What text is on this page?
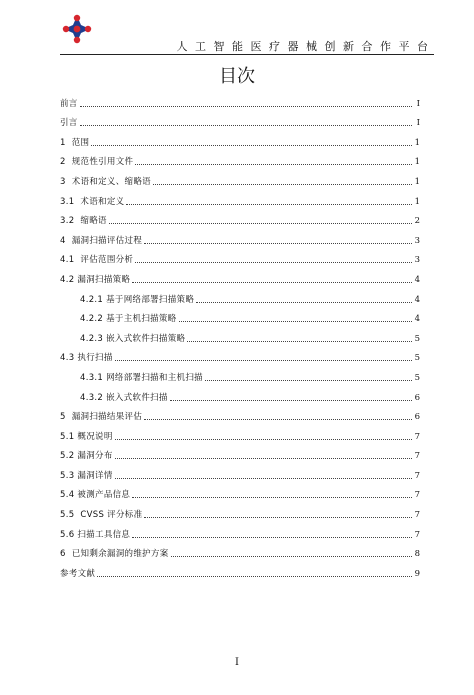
人 工 智 能 医 疗 器 械 创 新 合 作 平 台
目次
前言	I
引言	I
1 范围	1
2 规范性引用文件	1
3 术语和定义、缩略语	1
3.1 术语和定义	1
3.2 缩略语	2
4 漏洞扫描评估过程	3
4.1 评估范围分析	3
4.2 漏洞扫描策略	4
4.2.1 基于网络部署扫描策略	4
4.2.2 基于主机扫描策略	4
4.2.3 嵌入式软件扫描策略	5
4.3 执行扫描	5
4.3.1 网络部署扫描和主机扫描	5
4.3.2 嵌入式软件扫描	6
5 漏洞扫描结果评估	6
5.1 概况说明	7
5.2 漏洞分布	7
5.3 漏洞详情	7
5.4 被测产品信息	7
5.5 CVSS 评分标准	7
5.6 扫描工具信息	7
6 已知剩余漏洞的维护方案	8
参考文献	9
I
